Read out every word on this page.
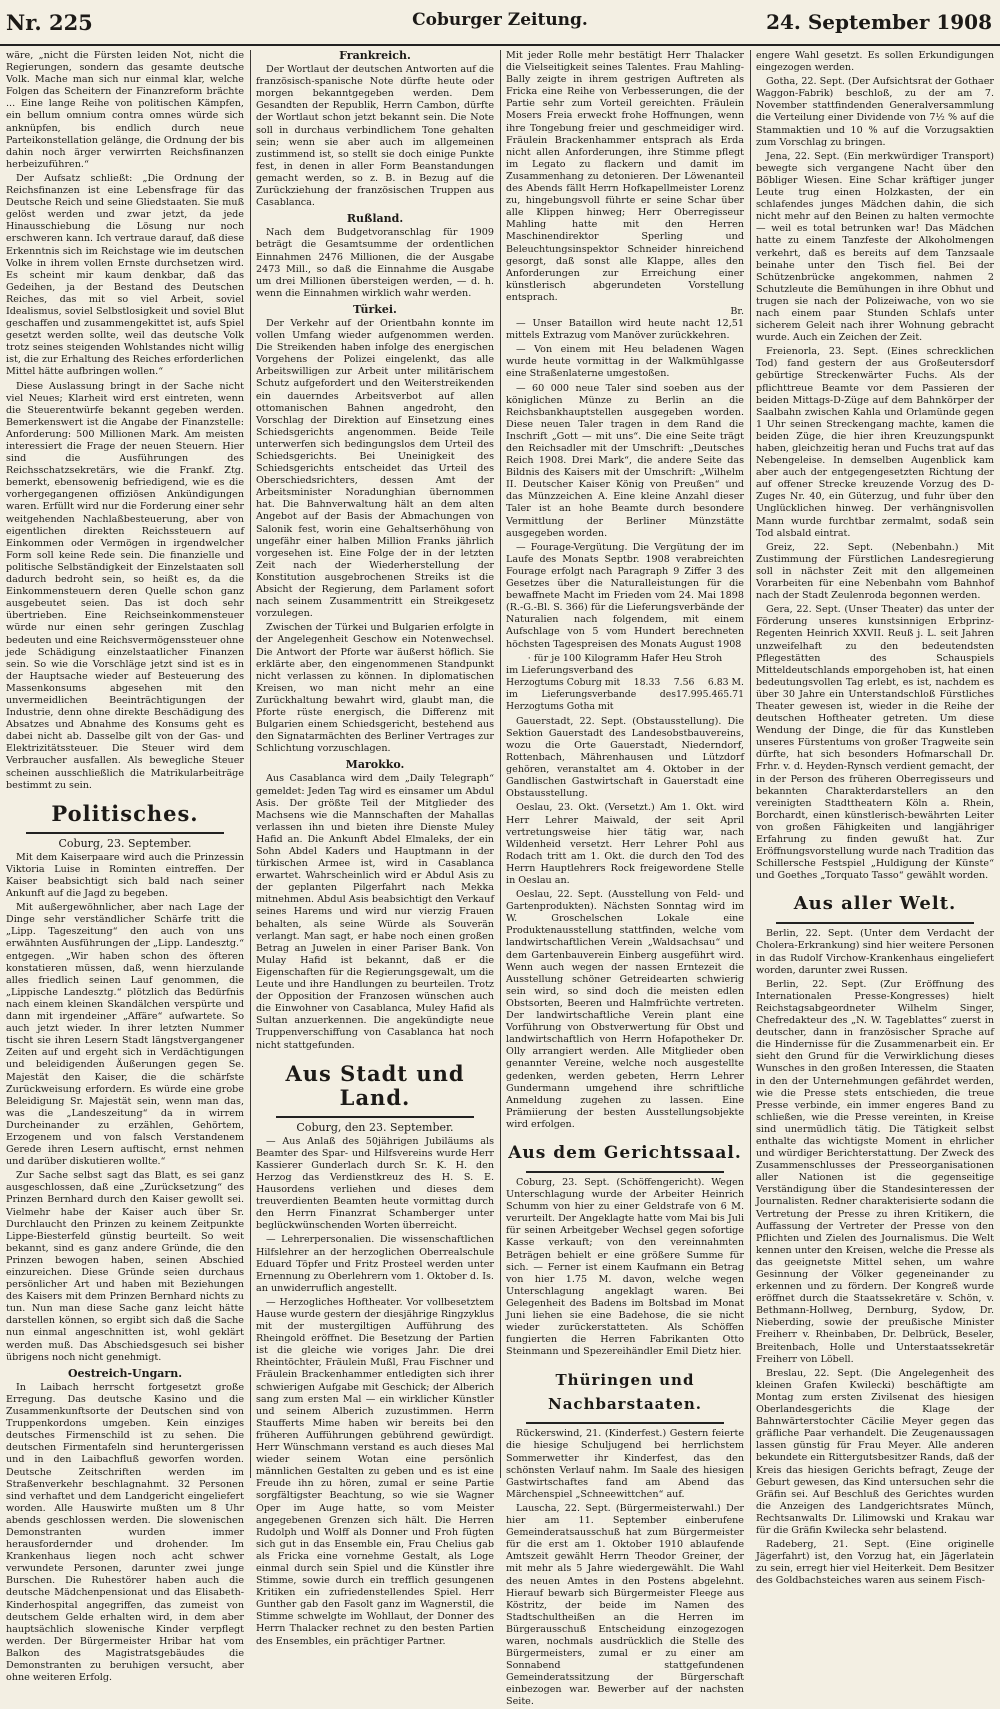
Nr. 225	Coburger Zeitung.	24. September 1908

wäre, „nicht die Fürsten leiden Not, nicht die Regierungen, sondern das gesamte deutsche Volk. Mache man sich nur einmal klar, welche Folgen das Scheitern der Finanzreform brächte ... Eine lange Reihe von politischen Kämpfen, ein bellum omnium contra omnes würde sich anknüpfen, bis endlich durch neue Parteikonstellation gelänge, die Ordnung der bis dahin noch ärger verwirrten Reichsfinanzen herbeizuführen.“

Der Aufsatz schließt: „Die Ordnung der Reichsfinanzen ist eine Lebensfrage für das Deutsche Reich und seine Gliedstaaten. Sie muß gelöst werden und zwar jetzt, da jede Hinausschiebung die Lösung nur noch erschweren kann. Ich vertraue darauf, daß diese Erkenntnis sich im Reichstage wie im deutschen Volke in ihrem vollen Ernste durchsetzen wird. Es scheint mir kaum denkbar, daß das Gedeihen, ja der Bestand des Deutschen Reiches, das mit so viel Arbeit, soviel Idealismus, soviel Selbstlosigkeit und soviel Blut geschaffen und zusammengekittet ist, aufs Spiel gesetzt werden sollte, weil das deutsche Volk trotz seines steigenden Wohlstandes nicht willig ist, die zur Erhaltung des Reiches erforderlichen Mittel hätte aufbringen wollen.“

Diese Auslassung bringt in der Sache nicht viel Neues; Klarheit wird erst eintreten, wenn die Steuerentwürfe bekannt gegeben werden. Bemerkenswert ist die Angabe der Finanzstelle: Anforderung: 500 Millionen Mark. Am meisten interessiert die Frage der neuen Steuern. Hier sind die Ausführungen des Reichsschatzsekretärs, wie die Frankf. Ztg. bemerkt, ebensowenig befriedigend, wie es die vorhergegangenen offiziösen Ankündigungen waren. Erfüllt wird nur die Forderung einer sehr weitgehenden Nachlaßbesteuerung, aber von eigentlichen direkten Reichssteuern auf Einkommen oder Vermögen in irgendwelcher Form soll keine Rede sein. Die finanzielle und politische Selbständigkeit der Einzelstaaten soll dadurch bedroht sein, so heißt es, da die Einkommensteuern deren Quelle schon ganz ausgebeutet seien. Das ist doch sehr übertrieben. Eine Reichseinkommensteuer würde nur einen sehr geringen Zuschlag bedeuten und eine Reichsvermögenssteuer ohne jede Schädigung einzelstaatlicher Finanzen sein. So wie die Vorschläge jetzt sind ist es in der Hauptsache wieder auf Besteuerung des Massenkonsums abgesehen mit den unvermeidlichen Beeinträchtigungen der Industrie, denn ohne direkte Beschädigung des Absatzes und Abnahme des Konsums geht es dabei nicht ab. Dasselbe gilt von der Gas- und Elektrizitätssteuer. Die Steuer wird dem Verbraucher ausfallen. Als bewegliche Steuer scheinen ausschließlich die Matrikularbeiträge bestimmt zu sein.

Politisches.
Coburg, 23. September.

Mit dem Kaiserpaare wird auch die Prinzessin Viktoria Luise in Rominten eintreffen. Der Kaiser beabsichtigt sich bald nach seiner Ankunft auf die Jagd zu begeben.

Mit außergewöhnlicher, aber nach Lage der Dinge sehr verständlicher Schärfe tritt die „Lipp. Tageszeitung“ den auch von uns erwähnten Ausführungen der „Lipp. Landesztg.“ entgegen. „Wir haben schon des öfteren konstatieren müssen, daß, wenn hierzulande alles friedlich seinen Lauf genommen, die „Lippische Landesztg.“ plötzlich das Bedürfnis nach einem kleinen Skandälchen verspürte und dann mit irgendeiner „Affäre“ aufwartete. So auch jetzt wieder. In ihrer letzten Nummer tischt sie ihren Lesern Stadt längstvergangener Zeiten auf und ergeht sich in Verdächtigungen und beleidigenden Äußerungen gegen Se. Majestät den Kaiser, die die schärfste Zurückweisung erfordern. Es würde eine grobe Beleidigung Sr. Majestät sein, wenn man das, was die „Landeszeitung“ da in wirrem Durcheinander zu erzählen, Gehörtem, Erzogenem und von falsch Verstandenem Gerede ihren Lesern auftischt, ernst nehmen und darüber diskutieren wollte.“

Zur Sache selbst sagt das Blatt, es sei ganz ausgeschlossen, daß eine „Zurücksetzung“ des Prinzen Bernhard durch den Kaiser gewollt sei. Vielmehr habe der Kaiser auch über Sr. Durchlaucht den Prinzen zu keinem Zeitpunkte Lippe-Biesterfeld günstig beurteilt. So weit bekannt, sind es ganz andere Gründe, die den Prinzen bewogen haben, seinen Abschied einzureichen. Diese Gründe seien durchaus persönlicher Art und haben mit Beziehungen des Kaisers mit dem Prinzen Bernhard nichts zu tun. Nun man diese Sache ganz leicht hätte darstellen können, so ergibt sich daß die Sache nun einmal angeschnitten ist, wohl geklärt werden muß. Das Abschiedsgesuch sei bisher übrigens noch nicht genehmigt.

Oestreich-Ungarn.

In Laibach herrscht fortgesetzt große Erregung. Das deutsche Kasino und die Zusammenkunftsorte der Deutschen sind von Truppenkordons umgeben. Kein einziges deutsches Firmenschild ist zu sehen. Die deutschen Firmentafeln sind heruntergerissen und in den Laibachfluß geworfen worden. Deutsche Zeitschriften werden im Straßenverkehr beschlagnahmt. 32 Personen sind verhaftet und dem Landgericht eingeliefert worden. Alle Hauswirte mußten um 8 Uhr abends geschlossen werden. Die slowenischen Demonstranten wurden immer herausfordernder und drohender. Im Krankenhaus liegen noch acht schwer verwundete Personen, darunter zwei junge Burschen. Die Ruhestörer haben auch die deutsche Mädchenpensionat und das Elisabeth-Kinderhospital angegriffen, das zumeist von deutschem Gelde erhalten wird, in dem aber hauptsächlich slowenische Kinder verpflegt werden. Der Bürgermeister Hribar hat vom Balkon des Magistratsgebäudes die Demonstranten zu beruhigen versucht, aber ohne weiteren Erfolg.

Frankreich.

Der Wortlaut der deutschen Antworten auf die französisch-spanische Note dürfte heute oder morgen bekanntgegeben werden. Dem Gesandten der Republik, Herrn Cambon, dürfte der Wortlaut schon jetzt bekannt sein. Die Note soll in durchaus verbindlichem Tone gehalten sein; wenn sie aber auch im allgemeinen zustimmend ist, so stellt sie doch einige Punkte fest, in denen in aller Form Beanstandungen gemacht werden, so z. B. in Bezug auf die Zurückziehung der französischen Truppen aus Casablanca.

Rußland.

Nach dem Budgetvoranschlag für 1909 beträgt die Gesamtsumme der ordentlichen Einnahmen 2476 Millionen, die der Ausgabe 2473 Mill., so daß die Einnahme die Ausgabe um drei Millionen übersteigen werden, — d. h. wenn die Einnahmen wirklich wahr werden.

Türkei.

Der Verkehr auf der Orientbahn konnte im vollen Umfang wieder aufgenommen werden. Die Streikenden haben infolge des energischen Vorgehens der Polizei eingelenkt, das alle Arbeitswilligen zur Arbeit unter militärischem Schutz aufgefordert und den Weiterstreikenden ein dauerndes Arbeitsverbot auf allen ottomanischen Bahnen angedroht, den Vorschlag der Direktion auf Einsetzung eines Schiedsgerichts angenommen. Beide Teile unterwerfen sich bedingungslos dem Urteil des Schiedsgerichts. Bei Uneinigkeit des Schiedsgerichts entscheidet das Urteil des Oberschiedsrichters, dessen Amt der Arbeitsminister Noradunghian übernommen hat. Die Bahnverwaltung hält an dem alten Angebot auf der Basis der Abmachungen von Salonik fest, worin eine Gehaltserhöhung von ungefähr einer halben Million Franks jährlich vorgesehen ist. Eine Folge der in der letzten Zeit nach der Wiederherstellung der Konstitution ausgebrochenen Streiks ist die Absicht der Regierung, dem Parlament sofort nach seinem Zusammentritt ein Streikgesetz vorzulegen.

Zwischen der Türkei und Bulgarien erfolgte in der Angelegenheit Geschow ein Notenwechsel. Die Antwort der Pforte war äußerst höflich. Sie erklärte aber, den eingenommenen Standpunkt nicht verlassen zu können. In diplomatischen Kreisen, wo man nicht mehr an eine Zurückhaltung bewahrt wird, glaubt man, die Pforte rüste energisch, die Differenz mit Bulgarien einem Schiedsgericht, bestehend aus den Signatarmächten des Berliner Vertrages zur Schlichtung vorzuschlagen.

Marokko.

Aus Casablanca wird dem „Daily Telegraph“ gemeldet: Jeden Tag wird es einsamer um Abdul Asis. Der größte Teil der Mitglieder des Machsens wie die Mannschaften der Mahallas verlassen ihn und bieten ihre Dienste Muley Hafid an. Die Ankunft Abdel Elmaleks, der ein Sohn Abdel Kaders und Hauptmann in der türkischen Armee ist, wird in Casablanca erwartet. Wahrscheinlich wird er Abdul Asis zu der geplanten Pilgerfahrt nach Mekka mitnehmen. Abdul Asis beabsichtigt den Verkauf seines Harems und wird nur vierzig Frauen behalten, als seine Würde als Souverän verlangt. Man sagt, er habe noch einen großen Betrag an Juwelen in einer Pariser Bank. Von Mulay Hafid ist bekannt, daß er die Eigenschaften für die Regierungsgewalt, um die Leute und ihre Handlungen zu beurteilen. Trotz der Opposition der Franzosen wünschen auch die Einwohner von Casablanca, Muley Hafid als Sultan anzuerkennen. Die angekündigte neue Truppenverschiffung von Casablanca hat noch nicht stattgefunden.

Aus Stadt und Land.
Coburg, den 23. September.

— Aus Anlaß des 50jährigen Jubiläums als Beamter des Spar- und Hilfsvereins wurde Herr Kassierer Gunderlach durch Sr. K. H. den Herzog das Verdienstkreuz des H. S. E. Hausordens verliehen und dieses dem treuverdienten Beamten heute vormittag durch den Herrn Finanzrat Schamberger unter beglückwünschenden Worten überreicht.

— Lehrerpersonalien. Die wissenschaftlichen Hilfslehrer an der herzoglichen Oberrealschule Eduard Töpfer und Fritz Prosteel werden unter Ernennung zu Oberlehrern vom 1. Oktober d. Is. an unwiderruflich angestellt.

— Herzogliches Hoftheater. Vor vollbesetztem Hause wurde gestern der diesjährige Ringzyklus mit der mustergiltigen Aufführung des Rheingold eröffnet. Die Besetzung der Partien ist die gleiche wie voriges Jahr. Die drei Rheintöchter, Fräulein Mußl, Frau Fischner und Fräulein Brackenhammer entledigten sich ihrer schwierigen Aufgabe mit Geschick; der Alberich sang zum ersten Mal — ein wirklicher Künstler und seinem Alberich zuzustimmen. Herrn Staufferts Mime haben wir bereits bei den früheren Aufführungen gebührend gewürdigt. Herr Wünschmann verstand es auch dieses Mal wieder seinem Wotan eine persönlich männlichen Gestalten zu geben und es ist eine Freude ihn zu hören, zumal er seine Partie sorgfältigster Beachtung, so wie sie Wagner Oper im Auge hatte, so vom Meister angegebenen Grenzen sich hält. Die Herren Rudolph und Wolff als Donner und Froh fügten sich gut in das Ensemble ein, Frau Chelius gab als Fricka eine vornehme Gestalt, als Loge einmal durch sein Spiel und die Künstler ihre Stimme, sowie durch ein trefflich gesungenen Kritiken ein zufriedenstellendes Spiel. Herr Gunther gab den Fasolt ganz im Wagnerstil, die Stimme schwelgte im Wohllaut, der Donner des Herrn Thalacker rechnet zu den besten Partien des Ensembles, ein prächtiger Partner.

Mit jeder Rolle mehr bestätigt Herr Thalacker die Vielseitigkeit seines Talentes. Frau Mahling-Bally zeigte in ihrem gestrigen Auftreten als Fricka eine Reihe von Verbesserungen, die der Partie sehr zum Vorteil gereichten. Fräulein Mosers Freia erweckt frohe Hoffnungen, wenn ihre Tongebung freier und geschmeidiger wird. Fräulein Brackenhammer entsprach als Erda nicht allen Anforderungen, ihre Stimme pflegt im Legato zu flackern und damit im Zusammenhang zu detonieren. Der Löwenanteil des Abends fällt Herrn Hofkapellmeister Lorenz zu, hingebungsvoll führte er seine Schar über alle Klippen hinweg; Herr Oberregisseur Mahling hatte mit den Herren Maschinendirektor Sperling und Beleuchtungsinspektor Schneider hinreichend gesorgt, daß sonst alle Klappe, alles den Anforderungen zur Erreichung einer künstlerisch abgerundeten Vorstellung entsprach.

Br.

— Unser Bataillon wird heute nacht 12,51 mittels Extrazug vom Manöver zurückkehren.

— Von einem mit Heu beladenen Wagen wurde heute vormittag in der Walkmühlgasse eine Straßenlaterne umgestoßen.

— 60 000 neue Taler sind soeben aus der königlichen Münze zu Berlin an die Reichsbankhauptstellen ausgegeben worden. Diese neuen Taler tragen in dem Rand die Inschrift „Gott — mit uns“. Die eine Seite trägt den Reichsadler mit der Umschrift: „Deutsches Reich 1908. Drei Mark“, die andere Seite das Bildnis des Kaisers mit der Umschrift: „Wilhelm II. Deutscher Kaiser König von Preußen“ und das Münzzeichen A. Eine kleine Anzahl dieser Taler ist an hohe Beamte durch besondere Vermittlung der Berliner Münzstätte ausgegeben worden.

— Fourage-Vergütung. Die Vergütung der im Laufe des Monats Septbr. 1908 verabreichten Fourage erfolgt nach Paragraph 9 Ziffer 3 des Gesetzes über die Naturalleistungen für die bewaffnete Macht im Frieden vom 24. Mai 1898 (R.-G.-Bl. S. 366) für die Lieferungsverbände der Naturalien nach folgendem, mit einem Aufschlage von 5 vom Hundert berechneten höchsten Tagespreisen des Monats August 1908

· für je 100 Kilogramm Hafer Heu Stroh
im Lieferungsverband des
Herzogtums Coburg mit 18.33 7.56 6.83 M.
im Lieferungsverbande des Herzogtums Gotha mit
17.99 5.46 5.71

Gauerstadt, 22. Sept. (Obstausstellung). Die Sektion Gauerstadt des Landesobstbauvereins, wozu die Orte Gauerstadt, Niederndorf, Rottenbach, Mährenhausen und Lützdorf gehören, veranstaltet am 4. Oktober in der Gandlischen Gastwirtschaft in Gauerstadt eine Obstausstellung.

Oeslau, 23. Okt. (Versetzt.) Am 1. Okt. wird Herr Lehrer Maiwald, der seit April vertretungsweise hier tätig war, nach Wildenheid versetzt. Herr Lehrer Pohl aus Rodach tritt am 1. Okt. die durch den Tod des Herrn Hauptlehrers Rock freigewordene Stelle in Oeslau an.

Oeslau, 22. Sept. (Ausstellung von Feld- und Gartenprodukten). Nächsten Sonntag wird im W. Groschelschen Lokale eine Produktenausstellung stattfinden, welche vom landwirtschaftlichen Verein „Waldsachsau“ und dem Gartenbauverein Einberg ausgeführt wird. Wenn auch wegen der nassen Erntezeit die Ausstellung schöner Getreidearten schwierig sein wird, so sind doch die meisten edlen Obstsorten, Beeren und Halmfrüchte vertreten. Der landwirtschaftliche Verein plant eine Vorführung von Obstverwertung für Obst und landwirtschaftlich von Herrn Hofapotheker Dr. Olly arrangiert werden. Alle Mitglieder oben genannter Vereine, welche noch ausgestellte gedenken, werden gebeten, Herrn Lehrer Gundermann umgehend ihre schriftliche Anmeldung zugehen zu lassen. Eine Prämiierung der besten Ausstellungsobjekte wird erfolgen.

Aus dem Gerichtssaal.

Coburg, 23. Sept. (Schöffengericht). Wegen Unterschlagung wurde der Arbeiter Heinrich Schumm von hier zu einer Geldstrafe von 6 M. verurteilt. Der Angeklagte hatte vom Mai bis Juli für seinen Arbeitgeber Wechsel gegen sofortige Kasse verkauft; von den vereinnahmten Beträgen behielt er eine größere Summe für sich. — Ferner ist einem Kaufmann ein Betrag von hier 1.75 M. davon, welche wegen Unterschlagung angeklagt waren. Bei Gelegenheit des Badens im Boltsbad im Monat Juni liehen sie eine Badehose, die sie nicht wieder zurückerstatteten. Als Schöffen fungierten die Herren Fabrikanten Otto Steinmann und Spezereihändler Emil Dietz hier.

Thüringen und Nachbarstaaten.

Rückerswind, 21. (Kinderfest.) Gestern feierte die hiesige Schuljugend bei herrlichstem Sommerwetter ihr Kinderfest, das den schönsten Verlauf nahm. Im Saale des hiesigen Gastwirtschaftes fand am Abend das Märchenspiel „Schneewittchen“ auf.

Lauscha, 22. Sept. (Bürgermeisterwahl.) Der hier am 11. September einberufene Gemeinderatsausschuß hat zum Bürgermeister für die erst am 1. Oktober 1910 ablaufende Amtszeit gewählt Herrn Theodor Greiner, der mit mehr als 5 Jahre wiedergewählt. Die Wahl des neuen Amtes in den Postens abgelehnt. Hierauf bewarb sich Bürgermeister Fleege aus Köstritz, der beide im Namen des Stadtschultheißen an die Herren im Bürgerausschuß Entscheidung einzogezogen waren, nochmals ausdrücklich die Stelle des Bürgermeisters, zumal er zu einer am Sonnabend stattgefundenen Gemeinderatssitzung der Bürgerschaft einbezogen war. Bewerber auf der nachsten Seite.

engere Wahl gesetzt. Es sollen Erkundigungen eingezogen werden.

Gotha, 22. Sept. (Der Aufsichtsrat der Gothaer Waggon-Fabrik) beschloß, zu der am 7. November stattfindenden Generalversammlung die Verteilung einer Dividende von 7½ % auf die Stammaktien und 10 % auf die Vorzugsaktien zum Vorschlag zu bringen.

Jena, 22. Sept. (Ein merkwürdiger Transport) bewegte sich vergangene Nacht über den Böbliger Wiesen. Eine Schar kräftiger junger Leute trug einen Holzkasten, der ein schlafendes junges Mädchen dahin, die sich nicht mehr auf den Beinen zu halten vermochte — weil es total betrunken war! Das Mädchen hatte zu einem Tanzfeste der Alkoholmengen verkehrt, daß es bereits auf dem Tanzsaale beinahe unter den Tisch fiel. Bei der Schützenbrücke angekommen, nahmen 2 Schutzleute die Bemühungen in ihre Obhut und trugen sie nach der Polizeiwache, von wo sie nach einem paar Stunden Schlafs unter sicherem Geleit nach ihrer Wohnung gebracht wurde. Auch ein Zeichen der Zeit.

Freienorla, 23. Sept. (Eines schrecklichen Tod) fand gestern der aus Großeutersdorf gebürtige Streckenwärter Fuchs. Als der pflichttreue Beamte vor dem Passieren der beiden Mittags-D-Züge auf dem Bahnkörper der Saalbahn zwischen Kahla und Orlamünde gegen 1 Uhr seinen Streckengang machte, kamen die beiden Züge, die hier ihren Kreuzungspunkt haben, gleichzeitig heran und Fuchs trat auf das Nebengeleise. In demselben Augenblick kam aber auch der entgegengesetzten Richtung der auf offener Strecke kreuzende Vorzug des D-Zuges Nr. 40, ein Güterzug, und fuhr über den Unglücklichen hinweg. Der verhängnisvollen Mann wurde furchtbar zermalmt, sodaß sein Tod alsbald eintrat.

Greiz, 22. Sept. (Nebenbahn.) Mit Zustimmung der Fürstlichen Landesregierung soll in nächster Zeit mit den allgemeinen Vorarbeiten für eine Nebenbahn vom Bahnhof nach der Stadt Zeulenroda begonnen werden.

Gera, 22. Sept. (Unser Theater) das unter der Förderung unseres kunstsinnigen Erbprinz-Regenten Heinrich XXVII. Reuß j. L. seit Jahren unzweifelhaft zu den bedeutendsten Pflegestätten des Schauspiels Mitteldeutschlands emporgehoben ist, hat einen bedeutungsvollen Tag erlebt, es ist, nachdem es über 30 Jahre ein Unterstandschloß Fürstliches Theater gewesen ist, wieder in die Reihe der deutschen Hoftheater getreten. Um diese Wendung der Dinge, die für das Kunstleben unseres Fürstentums von großer Tragweite sein dürfte, hat sich besonders Hofmarschall Dr. Frhr. v. d. Heyden-Rynsch verdient gemacht, der in der Person des früheren Oberregisseurs und bekannten Charakterdarstellers an den vereinigten Stadttheatern Köln a. Rhein, Borchardt, einen künstlerisch-bewährten Leiter von großen Fähigkeiten und langjähriger Erfahrung zu finden gewußt hat. Zur Eröffnungsvorstellung wurde nach Tradition das Schillersche Festspiel „Huldigung der Künste“ und Goethes „Torquato Tasso“ gewählt worden.

Aus aller Welt.

Berlin, 22. Sept. (Unter dem Verdacht der Cholera-Erkrankung) sind hier weitere Personen in das Rudolf Virchow-Krankenhaus eingeliefert worden, darunter zwei Russen.

Berlin, 22. Sept. (Zur Eröffnung des Internationalen Presse-Kongresses) hielt Reichstagsabgeordneter Wilhelm Singer, Chefredakteur des „N. W. Tageblattes“ zuerst in deutscher, dann in französischer Sprache auf die Hindernisse für die Zusammenarbeit ein. Er sieht den Grund für die Verwirklichung dieses Wunsches in den großen Interessen, die Staaten in den der Unternehmungen gefährdet werden, wie die Presse stets entschieden, die treue Presse verbinde, ein immer engeres Band zu schließen, wie die Presse vereinten, in Kreise sind unermüdlich tätig. Die Tätigkeit selbst enthalte das wichtigste Moment in ehrlicher und würdiger Berichterstattung. Der Zweck des Zusammenschlusses der Presseorganisationen aller Nationen ist die gegenseitige Verständigung über die Standesinteressen der Journalisten. Redner charakterisierte sodann die Vertretung der Presse zu ihren Kritikern, die Auffassung der Vertreter der Presse von den Pflichten und Zielen des Journalismus. Die Welt kennen unter den Kreisen, welche die Presse als das geeignetste Mittel sehen, um wahre Gesinnung der Völker gegeneinander zu erkennen und zu fördern. Der Kongreß wurde eröffnet durch die Staatssekretäre v. Schön, v. Bethmann-Hollweg, Dernburg, Sydow, Dr. Nieberding, sowie der preußische Minister Freiherr v. Rheinbaben, Dr. Delbrück, Beseler, Breitenbach, Holle und Unterstaatssekretär Freiherr von Löbell.

Breslau, 22. Sept. (Die Angelegenheit des kleinen Grafen Kwilecki) beschäftigte am Montag zum ersten Zivilsenat des hiesigen Oberlandesgerichts die Klage der Bahnwärterstochter Cäcilie Meyer gegen das gräfliche Paar verhandelt. Die Zeugenaussagen lassen günstig für Frau Meyer. Alle anderen bekundete ein Rittergutsbesitzer Rands, daß der Kreis das hiesigen Gerichts befragt, Zeuge der Geburt gewesen, das Kind untersuchen sehr die Gräfin sei. Auf Beschluß des Gerichtes wurden die Anzeigen des Landgerichtsrates Münch, Rechtsanwalts Dr. Lilimowski und Krakau war für die Gräfin Kwilecka sehr belastend.

Radeberg, 21. Sept. (Eine originelle Jägerfahrt) ist, den Vorzug hat, ein Jägerlatein zu sein, erregt hier viel Heiterkeit. Dem Besitzer des Goldbachsteiches waren aus seinem Fisch-
